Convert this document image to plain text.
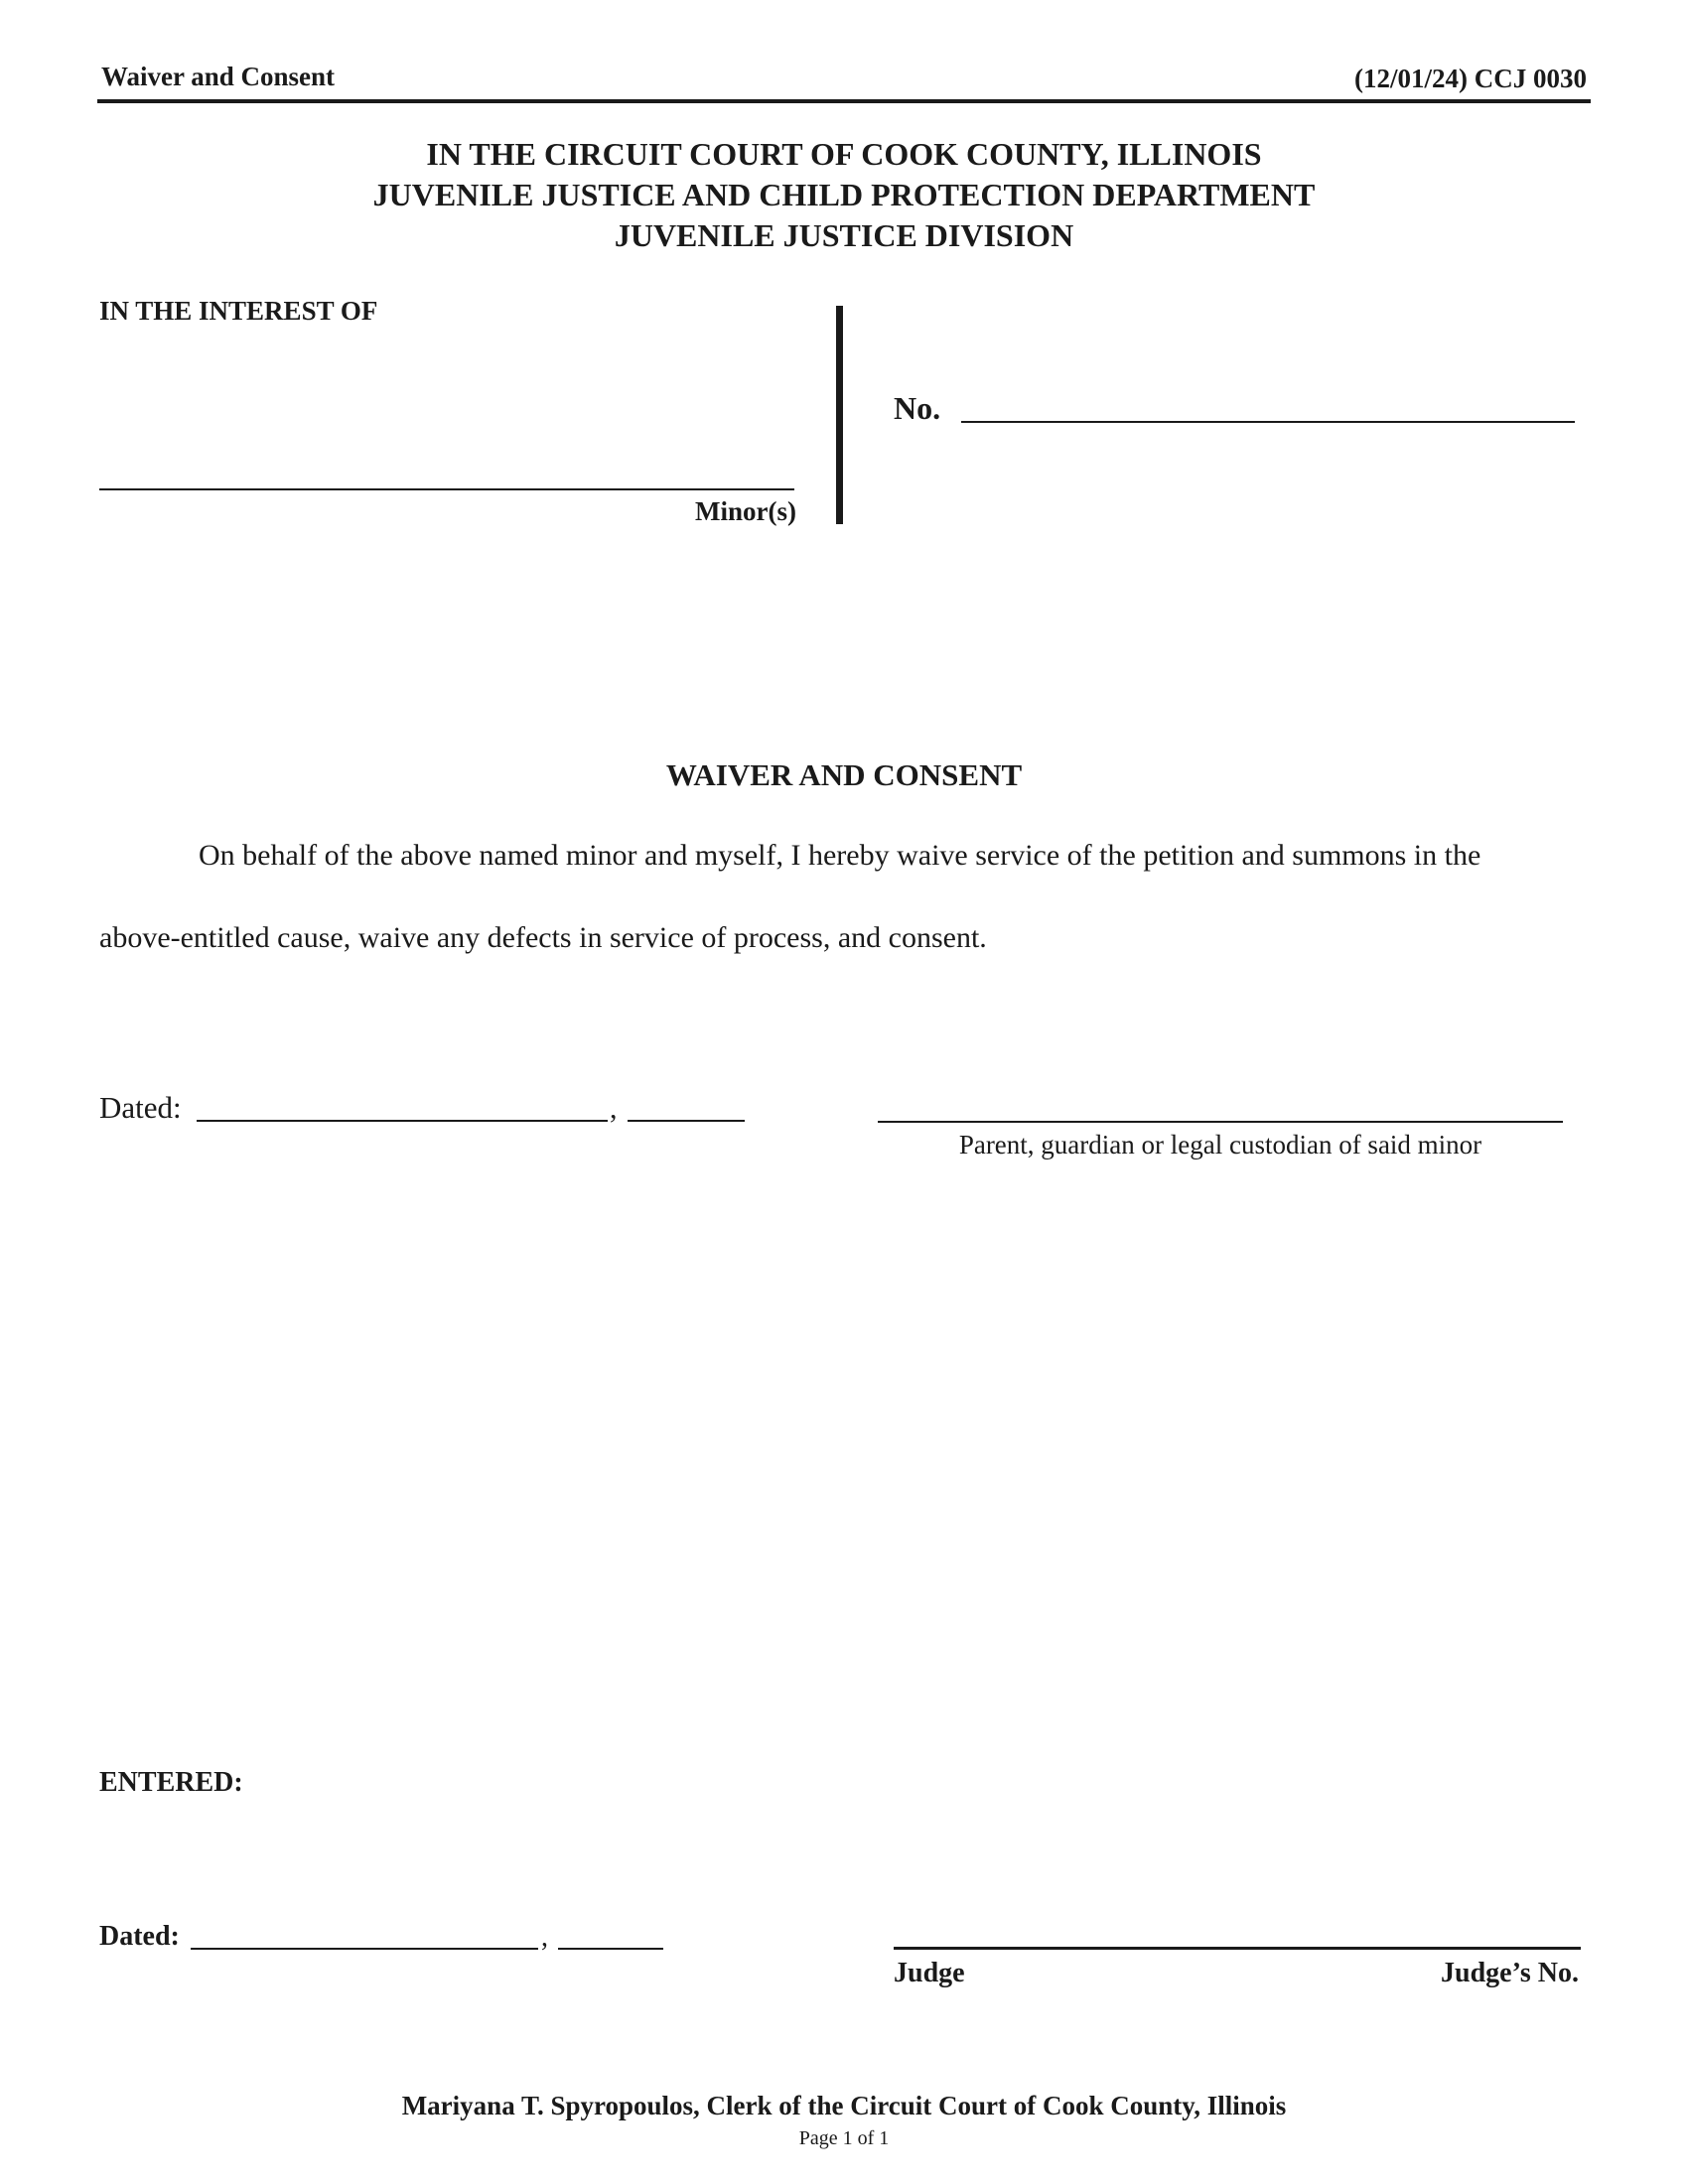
Waiver and Consent	(12/01/24) CCJ 0030
IN THE CIRCUIT COURT OF COOK COUNTY, ILLINOIS
JUVENILE JUSTICE AND CHILD PROTECTION DEPARTMENT
JUVENILE JUSTICE DIVISION
IN THE INTEREST OF
Minor(s)
No.
WAIVER AND CONSENT
On behalf of the above named minor and myself, I hereby waive service of the petition and summons in the
above-entitled cause, waive any defects in service of process, and consent.
Dated:	,
Parent, guardian or legal custodian of said minor
ENTERED:
Dated:	,
Judge	Judge’s No.
Mariyana T. Spyropoulos, Clerk of the Circuit Court of Cook County, Illinois
Page 1 of 1
